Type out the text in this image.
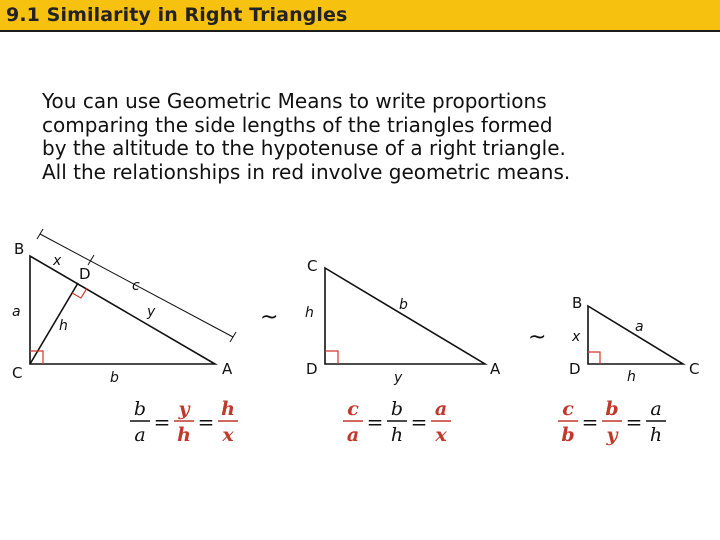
9.1 Similarity in Right Triangles
You can use Geometric Means to write proportions
comparing the side lengths of the triangles formed
by the altitude to the hypotenuse of a right triangle.
All the relationships in red involve geometric means.
B
A
C
D
x
c
y
a
h
b
~
C
D	A
h	b
y
~
B
D	C
x
a
h
b
a
=
y
h
=
h
x
c
a
=
b
h
=
a
x
c
b
=
b
y
=
a
h
